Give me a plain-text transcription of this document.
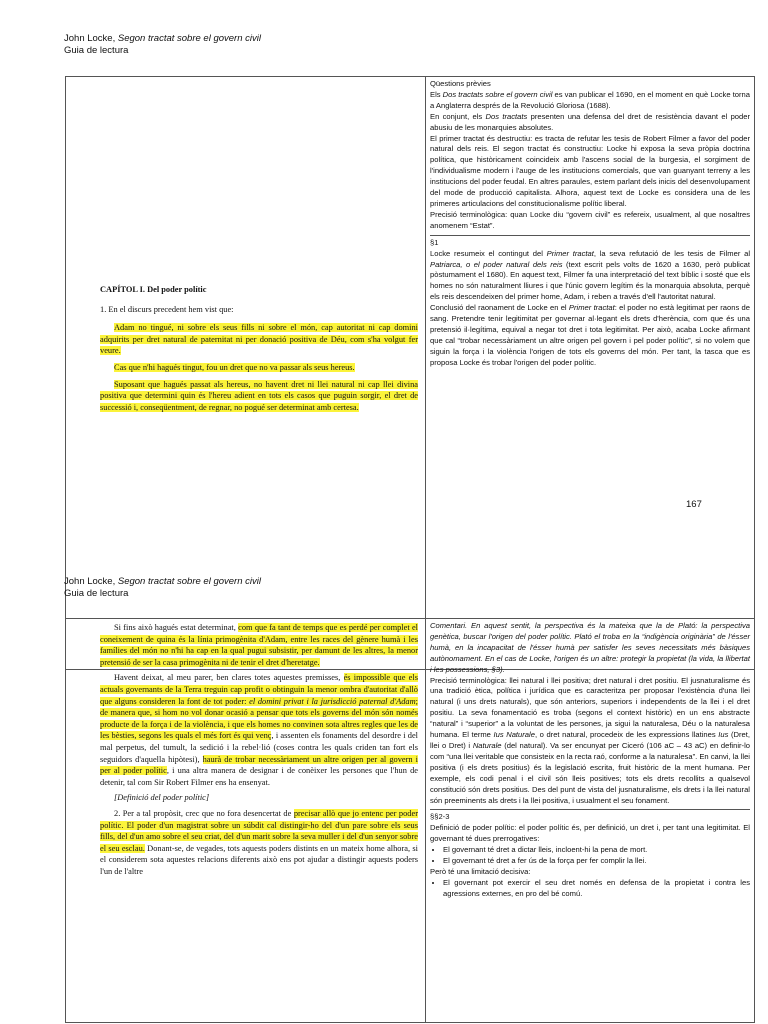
John Locke, Segon tractat sobre el govern civil
Guia de lectura

CAPÍTOL I. Del poder polític

1. En el discurs precedent hem vist que:

Adam no tingué, ni sobre els seus fills ni sobre el món, cap autoritat ni cap domini adquirits per dret natural de paternitat ni per donació positiva de Déu, com s'ha volgut fer veure.

Cas que n'hi hagués tingut, fou un dret que no va passar als seus hereus.

Suposant que hagués passat als hereus, no havent dret ni llei natural ni cap llei divina positiva que determini quin és l'hereu adient en tots els casos que puguin sorgir, el dret de successió i, conseqüentment, de regnar, no pogué ser determinat amb certesa.

Qüestions prèvies

Els Dos tractats sobre el govern civil es van publicar el 1690, en el moment en què Locke torna a Anglaterra després de la Revolució Gloriosa (1688).

En conjunt, els Dos tractats presenten una defensa del dret de resistència davant el poder abusiu de les monarquies absolutes.

El primer tractat és destructiu: es tracta de refutar les tesis de Robert Filmer a favor del poder natural dels reis. El segon tractat és constructiu: Locke hi exposa la seva pròpia doctrina política, que històricament coincideix amb l'ascens social de la burgesia, el sorgiment de l'individualisme modern i l'auge de les institucions comercials, que van guanyant terreny a les institucions del poder feudal. En altres paraules, estem parlant dels inicis del desenvolupament del mode de producció capitalista. Alhora, aquest text de Locke es considera una de les primeres articulacions del constitucionalisme polític liberal.

Precisió terminològica: quan Locke diu “govern civil” es refereix, usualment, al que nosaltres anomenem “Estat”.

§1

Locke resumeix el contingut del Primer tractat, la seva refutació de les tesis de Filmer al Patriarca, o el poder natural dels reis (text escrit pels volts de 1620 a 1630, però publicat pòstumament el 1680). En aquest text, Filmer fa una interpretació del text bíblic i sosté que els homes no són naturalment lliures i que l'únic govern legítim és la monarquia absoluta, perquè els reis descendeixen del primer home, Adam, i reben a través d'ell l'autoritat natural.

Conclusió del raonament de Locke en el Primer tractat: el poder no està legitimat per raons de sang. Pretendre tenir legitimitat per governar al·legant els drets d'herència, com que és una pretensió il·legítima, equival a negar tot dret i tota legitimitat. Per això, acaba Locke afirmant que cal “trobar necessàriament un altre origen pel govern i pel poder polític”, si no volem que siguin la força i la violència l'origen de tots els governs del món. Per tant, la tasca que es proposa Locke és trobar l'origen del poder polític.

167
John Locke, Segon tractat sobre el govern civil
Guia de lectura

Si fins això hagués estat determinat, com que fa tant de temps que es perdé per complet el coneixement de quina és la línia primogènita d'Adam, entre les races del gènere humà i les famílies del món no n'hi ha cap en la qual pugui subsistir, per damunt de les altres, la menor pretensió de ser la casa primogènita ni de tenir el dret d'heretatge.

Havent deixat, al meu parer, ben clares totes aquestes premisses, és impossible que els actuals governants de la Terra treguin cap profit o obtinguin la menor ombra d'autoritat d'allò que alguns consideren la font de tot poder: el domini privat i la jurisdicció paternal d'Adam; de manera que, si hom no vol donar ocasió a pensar que tots els governs del món són només producte de la força i de la violència, i que els homes no convinen sota altres regles que les de les bèsties, segons les quals el més fort és qui venç, i assenten els fonaments del desordre i del mal perpetus, del tumult, la sedició i la rebel·lió (coses contra les quals criden tan fort els seguidors d'aquella hipòtesi), haurà de trobar necessàriament un altre origen per al govern i per al poder polític, i una altra manera de designar i de conèixer les persones que l'hun de detenir, tal com Sir Robert Filmer ens ha ensenyat.

[Definició del poder polític]

2. Per a tal propòsit, crec que no fora desencertat de precisar allò que jo entenc per poder polític. El poder d'un magistrat sobre un súbdit cal distingir-ho del d'un pare sobre els seus fills, del d'un amo sobre el seu criat, del d'un marit sobre la seva muller i del d'un senyor sobre el seu esclau. Donant-se, de vegades, tots aquests poders distints en un mateix home alhora, si el considerem sota aquestes relacions diferents això ens pot ajudar a distingir aquests poders l'un de l'altre

Comentari. En aquest sentit, la perspectiva és la mateixa que la de Plató: la perspectiva genètica, buscar l'origen del poder polític. Plató el troba en la “indigència originària” de l'ésser humà, en la incapacitat de l'ésser humà per satisfer les seves necessitats més bàsiques autònomament. En el cas de Locke, l'origen és un altre: protegir la propietat (la vida, la llibertat i les possessions, §3).

Precisió terminològica: llei natural i llei positiva; dret natural i dret positiu. El jusnaturalisme és una tradició ètica, política i jurídica que es caracteritza per proposar l'existència d'una llei natural (i uns drets naturals), que són anteriors, superiors i independents de la llei i el dret positiu. La seva fonamentació es troba (segons el context històric) en un ens abstracte “natural” i “superior” a la voluntat de les persones, ja sigui la naturalesa, Déu o la naturalesa humana. El terme Ius Naturale, o dret natural, procedeix de les expressions llatines Ius (Dret, llei o Dret) i Naturale (del natural). Va ser encunyat per Ciceró (106 aC – 43 aC) en definir-lo com “una llei veritable que consisteix en la recta raó, conforme a la naturalesa”. En canvi, la llei positiva (i els drets positius) és la legislació escrita, fruit històric de la ment humana. Per exemple, els codi penal i el civil són lleis positives; tots els drets recollits a qualsevol constitució són drets positius. Des del punt de vista del jusnaturalisme, els drets i la llei natural són preeminents als drets i la llei positiva, i usualment el seu fonament.

§§2-3

Definició de poder polític: el poder polític és, per definició, un dret i, per tant una legitimitat. El governant té dues prerrogatives:

• El governant té dret a dictar lleis, incloent-hi la pena de mort.
• El governant té dret a fer ús de la força per fer complir la llei.

Però té una limitació decisiva:

• El governant pot exercir el seu dret només en defensa de la propietat i contra les agressions externes, en pro del bé comú.
